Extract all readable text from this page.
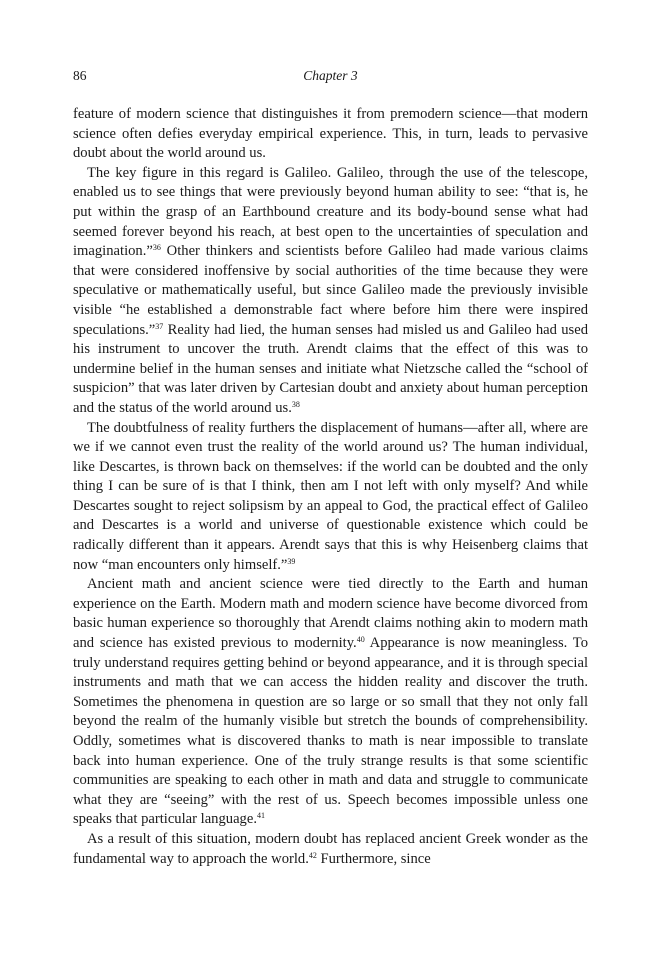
86	Chapter 3

feature of modern science that distinguishes it from premodern science—that modern science often defies everyday empirical experience. This, in turn, leads to pervasive doubt about the world around us.

The key figure in this regard is Galileo. Galileo, through the use of the telescope, enabled us to see things that were previously beyond human ability to see: “that is, he put within the grasp of an Earthbound creature and its body-bound sense what had seemed forever beyond his reach, at best open to the uncertainties of speculation and imagination.”$^{36}$ Other thinkers and scientists before Galileo had made various claims that were considered inoffensive by social authorities of the time because they were speculative or mathematically useful, but since Galileo made the previously invisible visible “he established a demonstrable fact where before him there were inspired speculations.”$^{37}$ Reality had lied, the human senses had misled us and Galileo had used his instrument to uncover the truth. Arendt claims that the effect of this was to undermine belief in the human senses and initiate what Nietzsche called the “school of suspicion” that was later driven by Cartesian doubt and anxiety about human perception and the status of the world around us.$^{38}$

The doubtfulness of reality furthers the displacement of humans—after all, where are we if we cannot even trust the reality of the world around us? The human individual, like Descartes, is thrown back on themselves: if the world can be doubted and the only thing I can be sure of is that I think, then am I not left with only myself? And while Descartes sought to reject solipsism by an appeal to God, the practical effect of Galileo and Descartes is a world and universe of questionable existence which could be radically different than it appears. Arendt says that this is why Heisenberg claims that now “man encounters only himself.”$^{39}$

Ancient math and ancient science were tied directly to the Earth and human experience on the Earth. Modern math and modern science have become divorced from basic human experience so thoroughly that Arendt claims nothing akin to modern math and science has existed previous to modernity.$^{40}$ Appearance is now meaningless. To truly understand requires getting behind or beyond appearance, and it is through special instruments and math that we can access the hidden reality and discover the truth. Sometimes the phenomena in question are so large or so small that they not only fall beyond the realm of the humanly visible but stretch the bounds of comprehensibility. Oddly, sometimes what is discovered thanks to math is near impossible to translate back into human experience. One of the truly strange results is that some scientific communities are speaking to each other in math and data and struggle to communicate what they are “seeing” with the rest of us. Speech becomes impossible unless one speaks that particular language.$^{41}$

As a result of this situation, modern doubt has replaced ancient Greek wonder as the fundamental way to approach the world.$^{42}$ Furthermore, since
